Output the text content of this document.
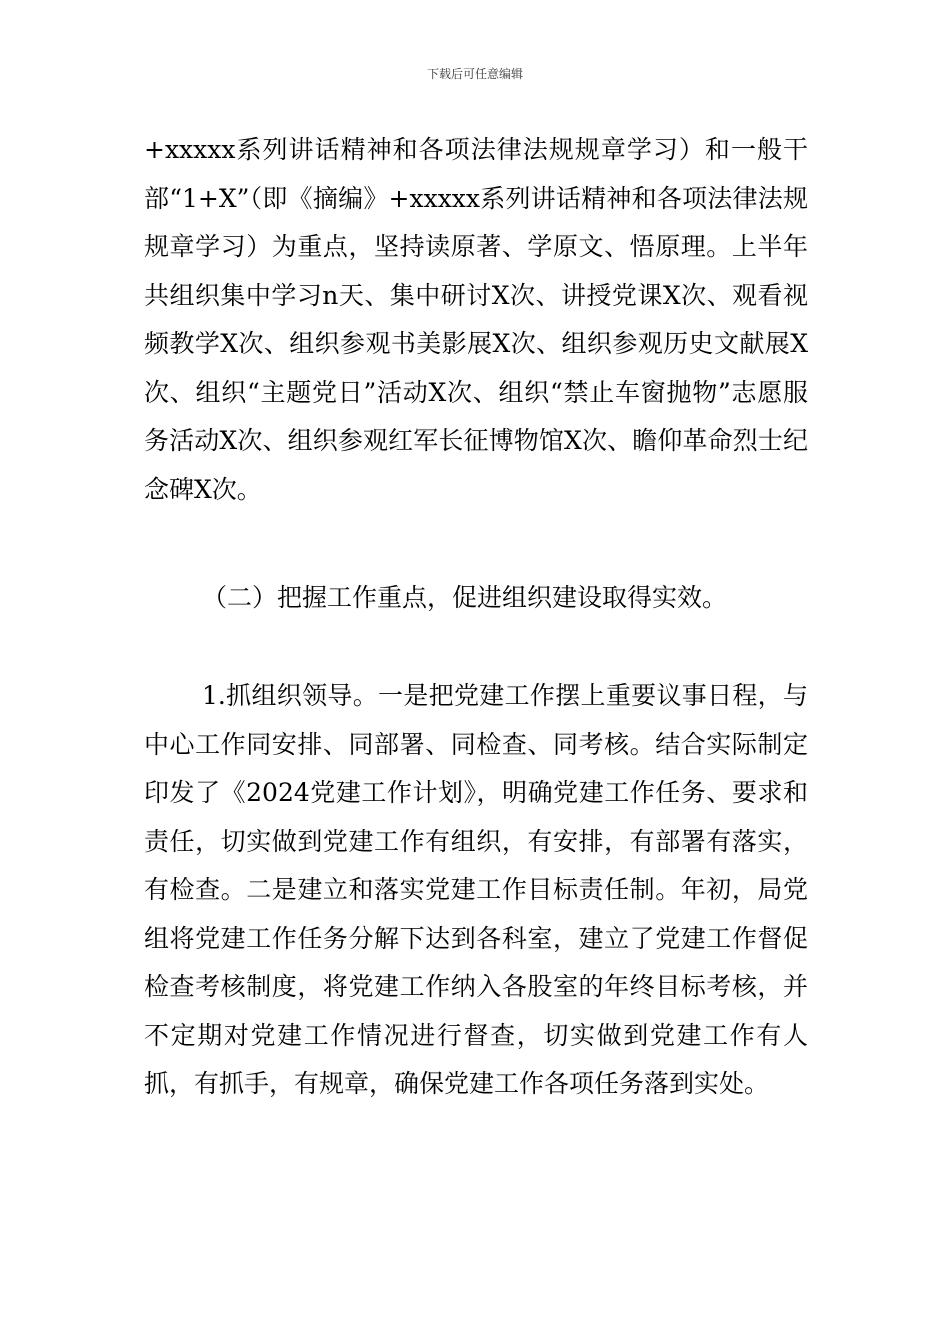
下载后可任意编辑

+xxxxx系列讲话精神和各项法律法规规章学习）和一般干部“1+X”（即《摘编》+xxxxx系列讲话精神和各项法律法规规章学习）为重点，坚持读原著、学原文、悟原理。上半年共组织集中学习n天、集中研讨X次、讲授党课X次、观看视频教学X次、组织参观书美影展X次、组织参观历史文献展X次、组织“主题党日”活动X次、组织“禁止车窗抛物”志愿服务活动X次、组织参观红军长征博物馆X次、瞻仰革命烈士纪念碑X次。

（二）把握工作重点，促进组织建设取得实效。

1.抓组织领导。一是把党建工作摆上重要议事日程，与中心工作同安排、同部署、同检查、同考核。结合实际制定印发了《2024党建工作计划》，明确党建工作任务、要求和责任，切实做到党建工作有组织，有安排，有部署有落实，有检查。二是建立和落实党建工作目标责任制。年初，局党组将党建工作任务分解下达到各科室，建立了党建工作督促检查考核制度，将党建工作纳入各股室的年终目标考核，并不定期对党建工作情况进行督查，切实做到党建工作有人抓，有抓手，有规章，确保党建工作各项任务落到实处。
